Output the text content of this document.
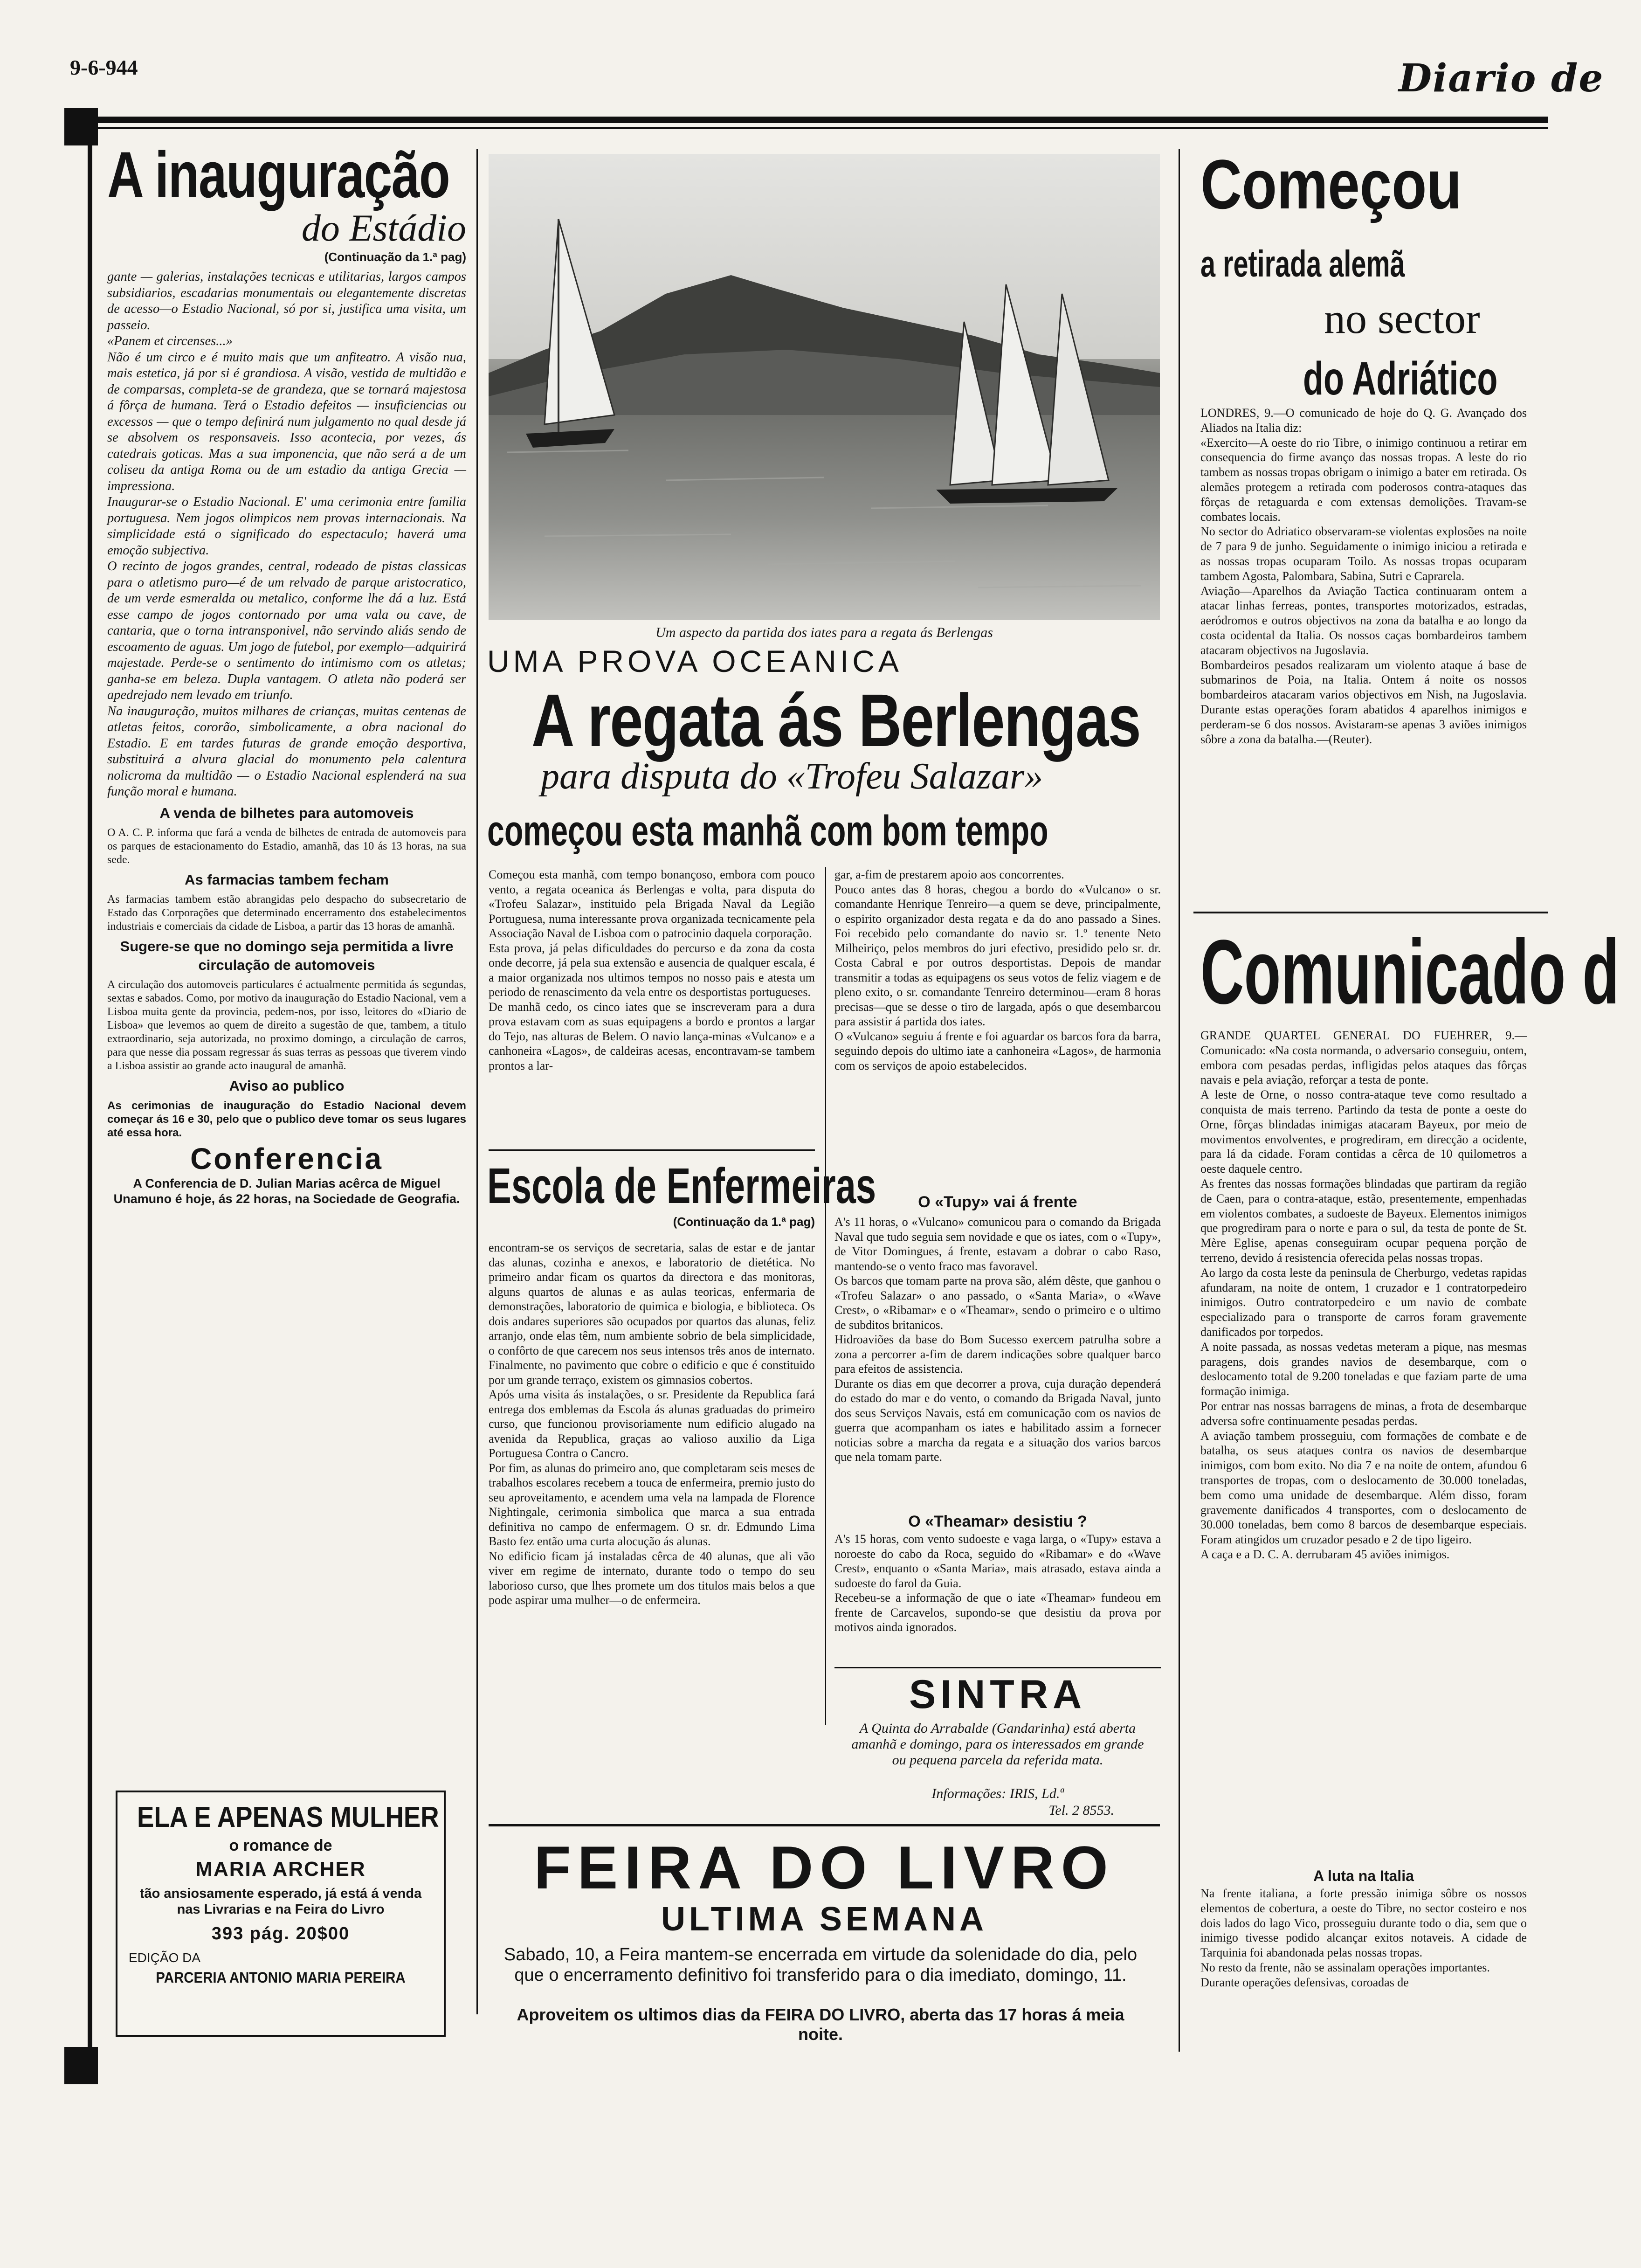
9-6-944	Diario de
A inauguração
do Estádio
(Continuação da 1.ª pag)

gante — galerias, instalações tecnicas e utilitarias, largos campos subsidiarios, escadarias monumentais ou elegantemente discretas de acesso—o Estadio Nacional, só por si, justifica uma visita, um passeio.
«Panem et circenses...»
Não é um circo e é muito mais que um anfiteatro. A visão nua, mais estetica, já por si é grandiosa. A visão, vestida de multidão e de comparsas, completa-se de grandeza, que se tornará majestosa á fôrça de humana. Terá o Estadio defeitos — insuficiencias ou excessos — que o tempo definirá num julgamento no qual desde já se absolvem os responsaveis. Isso acontecia, por vezes, ás catedrais goticas. Mas a sua imponencia, que não será a de um coliseu da antiga Roma ou de um estadio da antiga Grecia — impressiona.
Inaugurar-se o Estadio Nacional. E' uma cerimonia entre familia portuguesa. Nem jogos olimpicos nem provas internacionais. Na simplicidade está o significado do espectaculo; haverá uma emoção subjectiva.
O recinto de jogos grandes, central, rodeado de pistas classicas para o atletismo puro—é de um relvado de parque aristocratico, de um verde esmeralda ou metalico, conforme lhe dá a luz. Está esse campo de jogos contornado por uma vala ou cave, de cantaria, que o torna intransponivel, não servindo aliás sendo de escoamento de aguas. Um jogo de futebol, por exemplo—adquirirá majestade. Perde-se o sentimento do intimismo com os atletas; ganha-se em beleza. Dupla vantagem. O atleta não poderá ser apedrejado nem levado em triunfo.
Na inauguração, muitos milhares de crianças, muitas centenas de atletas feitos, cororão, simbolicamente, a obra nacional do Estadio. E em tardes futuras de grande emoção desportiva, substituirá a alvura glacial do monumento pela calentura nolicroma da multidão — o Estadio Nacional esplenderá na sua função moral e humana.

A venda de bilhetes para automoveis

O A. C. P. informa que fará a venda de bilhetes de entrada de automoveis para os parques de estacionamento do Estadio, amanhã, das 10 ás 13 horas, na sua sede.

As farmacias tambem fecham

As farmacias tambem estão abrangidas pelo despacho do subsecretario de Estado das Corporações que determinado encerramento dos estabelecimentos industriais e comerciais da cidade de Lisboa, a partir das 13 horas de amanhã.

Sugere-se que no domingo seja permitida a livre circulação de automoveis

A circulação dos automoveis particulares é actualmente permitida ás segundas, sextas e sabados. Como, por motivo da inauguração do Estadio Nacional, vem a Lisboa muita gente da provincia, pedem-nos, por isso, leitores do «Diario de Lisboa» que levemos ao quem de direito a sugestão de que, tambem, a titulo extraordinario, seja autorizada, no proximo domingo, a circulação de carros, para que nesse dia possam regressar ás suas terras as pessoas que tiverem vindo a Lisboa assistir ao grande acto inaugural de amanhã.

Aviso ao publico

As cerimonias de inauguração do Estadio Nacional devem começar ás 16 e 30, pelo que o publico deve tomar os seus lugares até essa hora.

Conferencia

A Conferencia de D. Julian Marias acêrca de Miguel Unamuno é hoje, ás 22 horas, na Sociedade de Geografia.

ELA E APENAS MULHER
o romance de
MARIA ARCHER
tão ansiosamente esperado, já está á venda nas Livrarias e na Feira do Livro
393 pág. 20$00
EDIÇÃO DA
PARCERIA ANTONIO MARIA PEREIRA
Um aspecto da partida dos iates para a regata ás Berlengas
UMA PROVA OCEANICA
A regata ás Berlengas
para disputa do «Trofeu Salazar»
começou esta manhã com bom tempo

Começou esta manhã, com tempo bonançoso, embora com pouco vento, a regata oceanica ás Berlengas e volta, para disputa do «Trofeu Salazar», instituido pela Brigada Naval da Legião Portuguesa, numa interessante prova organizada tecnicamente pela Associação Naval de Lisboa com o patrocinio daquela corporação.
Esta prova, já pelas dificuldades do percurso e da zona da costa onde decorre, já pela sua extensão e ausencia de qualquer escala, é a maior organizada nos ultimos tempos no nosso pais e atesta um periodo de renascimento da vela entre os desportistas portugueses.
De manhã cedo, os cinco iates que se inscreveram para a dura prova estavam com as suas equipagens a bordo e prontos a largar do Tejo, nas alturas de Belem. O navio lança-minas «Vulcano» e a canhoneira «Lagos», de caldeiras acesas, encontravam-se tambem prontos a lar-

gar, a-fim de prestarem apoio aos concorrentes.
Pouco antes das 8 horas, chegou a bordo do «Vulcano» o sr. comandante Henrique Tenreiro—a quem se deve, principalmente, o espirito organizador desta regata e da do ano passado a Sines. Foi recebido pelo comandante do navio sr. 1.º tenente Neto Milheiriço, pelos membros do juri efectivo, presidido pelo sr. dr. Costa Cabral e por outros desportistas. Depois de mandar transmitir a todas as equipagens os seus votos de feliz viagem e de pleno exito, o sr. comandante Tenreiro determinou—eram 8 horas precisas—que se desse o tiro de largada, após o que desembarcou para assistir á partida dos iates.
O «Vulcano» seguiu á frente e foi aguardar os barcos fora da barra, seguindo depois do ultimo iate a canhoneira «Lagos», de harmonia com os serviços de apoio estabelecidos.

O «Tupy» vai á frente

A's 11 horas, o «Vulcano» comunicou para o comando da Brigada Naval que tudo seguia sem novidade e que os iates, com o «Tupy», de Vitor Domingues, á frente, estavam a dobrar o cabo Raso, mantendo-se o vento fraco mas favoravel.
Os barcos que tomam parte na prova são, além dêste, que ganhou o «Trofeu Salazar» o ano passado, o «Santa Maria», o «Wave Crest», o «Ribamar» e o «Theamar», sendo o primeiro e o ultimo de subditos britanicos.
Hidroaviões da base do Bom Sucesso exercem patrulha sobre a zona a percorrer a-fim de darem indicações sobre qualquer barco para efeitos de assistencia.
Durante os dias em que decorrer a prova, cuja duração dependerá do estado do mar e do vento, o comando da Brigada Naval, junto dos seus Serviços Navais, está em comunicação com os navios de guerra que acompanham os iates e habilitado assim a fornecer noticias sobre a marcha da regata e a situação dos varios barcos que nela tomam parte.

O «Theamar» desistiu ?

A's 15 horas, com vento sudoeste e vaga larga, o «Tupy» estava a noroeste do cabo da Roca, seguido do «Ribamar» e do «Wave Crest», enquanto o «Santa Maria», mais atrasado, estava ainda a sudoeste do farol da Guia.
Recebeu-se a informação de que o iate «Theamar» fundeou em frente de Carcavelos, supondo-se que desistiu da prova por motivos ainda ignorados.

Escola de Enfermeiras
(Continuação da 1.ª pag)

encontram-se os serviços de secretaria, salas de estar e de jantar das alunas, cozinha e anexos, e laboratorio de dietética. No primeiro andar ficam os quartos da directora e das monitoras, alguns quartos de alunas e as aulas teoricas, enfermaria de demonstrações, laboratorio de quimica e biologia, e biblioteca. Os dois andares superiores são ocupados por quartos das alunas, feliz arranjo, onde elas têm, num ambiente sobrio de bela simplicidade, o confôrto de que carecem nos seus intensos três anos de internato. Finalmente, no pavimento que cobre o edificio e que é constituido por um grande terraço, existem os gimnasios cobertos.
Após uma visita ás instalações, o sr. Presidente da Republica fará entrega dos emblemas da Escola ás alunas graduadas do primeiro curso, que funcionou provisoriamente num edificio alugado na avenida da Republica, graças ao valioso auxilio da Liga Portuguesa Contra o Cancro.
Por fim, as alunas do primeiro ano, que completaram seis meses de trabalhos escolares recebem a touca de enfermeira, premio justo do seu aproveitamento, e acendem uma vela na lampada de Florence Nightingale, cerimonia simbolica que marca a sua entrada definitiva no campo de enfermagem. O sr. dr. Edmundo Lima Basto fez então uma curta alocução ás alunas.
No edificio ficam já instaladas cêrca de 40 alunas, que ali vão viver em regime de internato, durante todo o tempo do seu laborioso curso, que lhes promete um dos titulos mais belos a que pode aspirar uma mulher—o de enfermeira.

SINTRA

A Quinta do Arrabalde (Gandarinha) está aberta amanhã e domingo, para os interessados em grande ou pequena parcela da referida mata.

Informações: IRIS, Ld.ª
Tel. 2 8553.
FEIRA DO LIVRO
ULTIMA SEMANA

Sabado, 10, a Feira mantem-se encerrada em virtude da solenidade do dia, pelo que o encerramento definitivo foi transferido para o dia imediato, domingo, 11.

Aproveitem os ultimos dias da FEIRA DO LIVRO, aberta das 17 horas á meia noite.

Começou
a retirada alemã
no sector
do Adriático

LONDRES, 9.—O comunicado de hoje do Q. G. Avançado dos Aliados na Italia diz:
«Exercito—A oeste do rio Tibre, o inimigo continuou a retirar em consequencia do firme avanço das nossas tropas. A leste do rio tambem as nossas tropas obrigam o inimigo a bater em retirada. Os alemães protegem a retirada com poderosos contra-ataques das fôrças de retaguarda e com extensas demolições. Travam-se combates locais.
No sector do Adriatico observaram-se violentas explosões na noite de 7 para 9 de junho. Seguidamente o inimigo iniciou a retirada e as nossas tropas ocuparam Toilo. As nossas tropas ocuparam tambem Agosta, Palombara, Sabina, Sutri e Caprarela.
Aviação—Aparelhos da Aviação Tactica continuaram ontem a atacar linhas ferreas, pontes, transportes motorizados, estradas, aeródromos e outros objectivos na zona da batalha e ao longo da costa ocidental da Italia. Os nossos caças bombardeiros tambem atacaram objectivos na Jugoslavia.
Bombardeiros pesados realizaram um violento ataque á base de submarinos de Poia, na Italia. Ontem á noite os nossos bombardeiros atacaram varios objectivos em Nish, na Jugoslavia. Durante estas operações foram abatidos 4 aparelhos inimigos e perderam-se 6 dos nossos. Avistaram-se apenas 3 aviões inimigos sôbre a zona da batalha.—(Reuter).

Comunicado d

GRANDE QUARTEL GENERAL DO FUEHRER, 9.—Comunicado: «Na costa normanda, o adversario conseguiu, ontem, embora com pesadas perdas, infligidas pelos ataques das fôrças navais e pela aviação, reforçar a testa de ponte.
A leste de Orne, o nosso contra-ataque teve como resultado a conquista de mais terreno. Partindo da testa de ponte a oeste do Orne, fôrças blindadas inimigas atacaram Bayeux, por meio de movimentos envolventes, e progrediram, em direcção a ocidente, para lá da cidade. Foram contidas a cêrca de 10 quilometros a oeste daquele centro.
As frentes das nossas formações blindadas que partiram da região de Caen, para o contra-ataque, estão, presentemente, empenhadas em violentos combates, a sudoeste de Bayeux. Elementos inimigos que progrediram para o norte e para o sul, da testa de ponte de St. Mère Eglise, apenas conseguiram ocupar pequena porção de terreno, devido á resistencia oferecida pelas nossas tropas.
Ao largo da costa leste da peninsula de Cherburgo, vedetas rapidas afundaram, na noite de ontem, 1 cruzador e 1 contratorpedeiro inimigos. Outro contratorpedeiro e um navio de combate especializado para o transporte de carros foram gravemente danificados por torpedos.
A noite passada, as nossas vedetas meteram a pique, nas mesmas paragens, dois grandes navios de desembarque, com o deslocamento total de 9.200 toneladas e que faziam parte de uma formação inimiga.
Por entrar nas nossas barragens de minas, a frota de desembarque adversa sofre continuamente pesadas perdas.
A aviação tambem prosseguiu, com formações de combate e de batalha, os seus ataques contra os navios de desembarque inimigos, com bom exito. No dia 7 e na noite de ontem, afundou 6 transportes de tropas, com o deslocamento de 30.000 toneladas, bem como uma unidade de desembarque. Além disso, foram gravemente danificados 4 transportes, com o deslocamento de 30.000 toneladas, bem como 8 barcos de desembarque especiais. Foram atingidos um cruzador pesado e 2 de tipo ligeiro.
A caça e a D. C. A. derrubaram 45 aviões inimigos.

A luta na Italia

Na frente italiana, a forte pressão inimiga sôbre os nossos elementos de cobertura, a oeste do Tibre, no sector costeiro e nos dois lados do lago Vico, prosseguiu durante todo o dia, sem que o inimigo tivesse podido alcançar exitos notaveis. A cidade de Tarquinia foi abandonada pelas nossas tropas.
No resto da frente, não se assinalam operações importantes.
Durante operações defensivas, coroadas de
